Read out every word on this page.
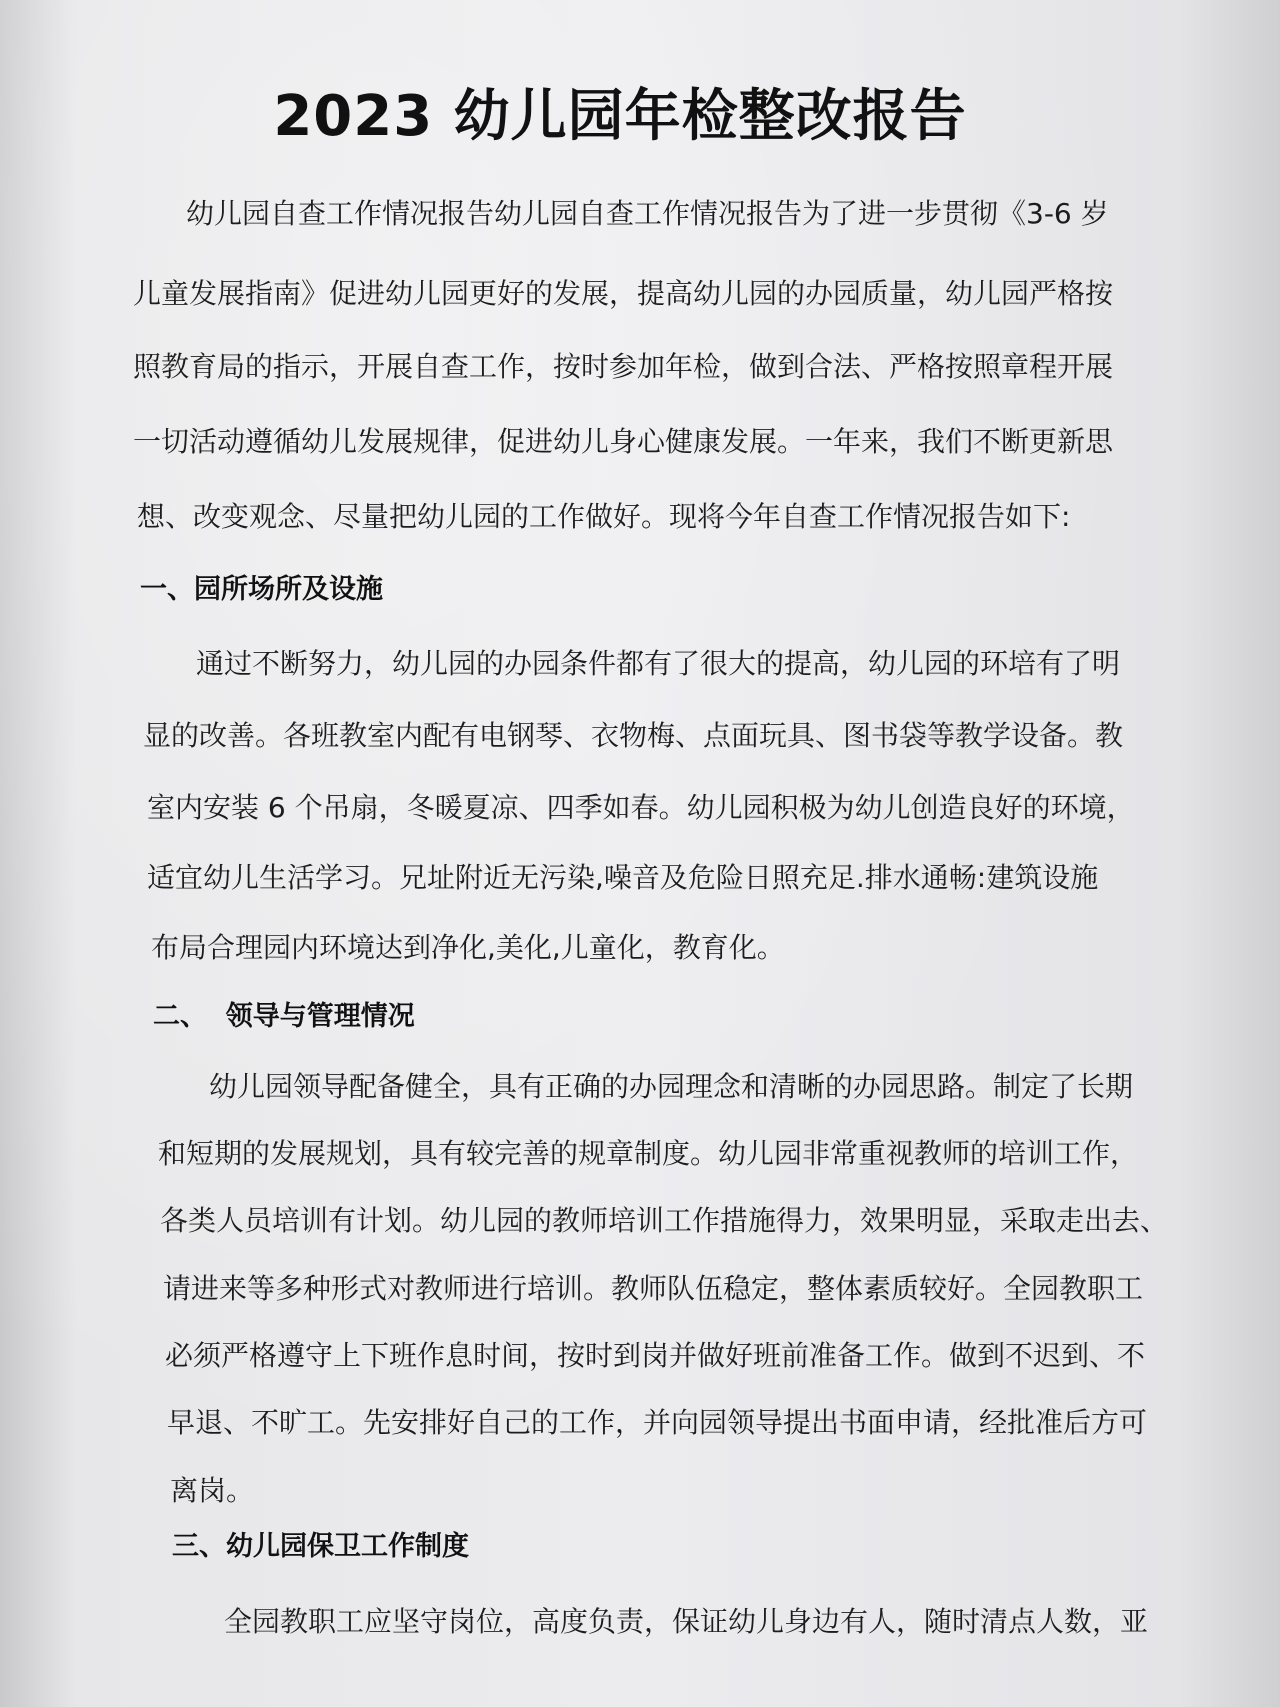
2023 幼儿园年检整改报告
幼儿园自查工作情况报告幼儿园自查工作情况报告为了进一步贯彻《3-6 岁
儿童发展指南》促进幼儿园更好的发展，提高幼儿园的办园质量，幼儿园严格按
照教育局的指示，开展自查工作，按时参加年检，做到合法、严格按照章程开展
一切活动遵循幼儿发展规律，促进幼儿身心健康发展。一年来，我们不断更新思
想、改变观念、尽量把幼儿园的工作做好。现将今年自查工作情况报告如下:
一、园所场所及设施
通过不断努力，幼儿园的办园条件都有了很大的提高，幼儿园的环培有了明
显的改善。各班教室内配有电钢琴、衣物梅、点面玩具、图书袋等教学设备。教
室内安装 6 个吊扇，冬暖夏凉、四季如春。幼儿园积极为幼儿创造良好的环境，
适宜幼儿生活学习。兄址附近无污染,噪音及危险日照充足.排水通畅:建筑设施
布局合理园内环境达到净化,美化,儿童化，教育化。
二、  领导与管理情况
幼儿园领导配备健全，具有正确的办园理念和清晰的办园思路。制定了长期
和短期的发展规划，具有较完善的规章制度。幼儿园非常重视教师的培训工作，
各类人员培训有计划。幼儿园的教师培训工作措施得力，效果明显，采取走出去、
请进来等多种形式对教师进行培训。教师队伍稳定，整体素质较好。全园教职工
必须严格遵守上下班作息时间，按时到岗并做好班前准备工作。做到不迟到、不
早退、不旷工。先安排好自己的工作，并向园领导提出书面申请，经批准后方可
离岗。
三、幼儿园保卫工作制度
全园教职工应坚守岗位，高度负责，保证幼儿身边有人，随时清点人数，亚
